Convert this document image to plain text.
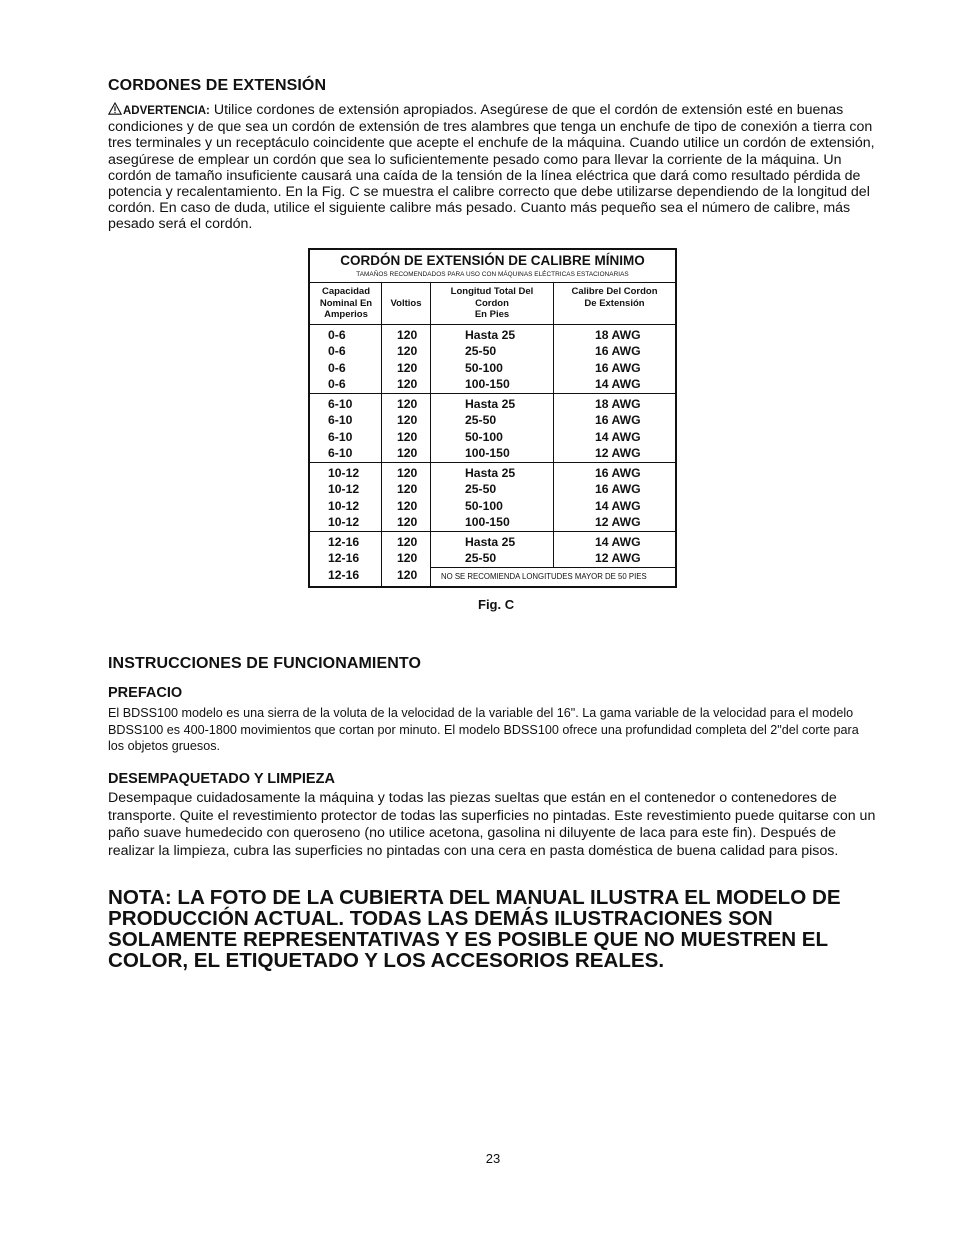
CORDONES DE EXTENSIÓN

ADVERTENCIA: Utilice cordones de extensión apropiados. Asegúrese de que el cordón de extensión esté en buenas condiciones y de que sea un cordón de extensión de tres alambres que tenga un enchufe de tipo de conexión a tierra con tres terminales y un receptáculo coincidente que acepte el enchufe de la máquina. Cuando utilice un cordón de extensión, asegúrese de emplear un cordón que sea lo suficientemente pesado como para llevar la corriente de la máquina. Un cordón de tamaño insuficiente causará una caída de la tensión de la línea eléctrica que dará como resultado pérdida de potencia y recalentamiento. En la Fig. C se muestra el calibre correcto que debe utilizarse dependiendo de la longitud del cordón. En caso de duda, utilice el siguiente calibre más pesado. Cuanto más pequeño sea el número de calibre, más pesado será el cordón.

CORDÓN DE EXTENSIÓN DE CALIBRE MÍNIMO
TAMAÑOS RECOMENDADOS PARA USO CON MÁQUINAS ELÉCTRICAS ESTACIONARIAS
Capacidad
Nominal En
Amperios
Voltios
Longitud Total Del
Cordon
En Pies
Calibre Del Cordon
De Extensión
0-6
0-6
0-6
0-6
120
120
120
120
Hasta 25
25-50
50-100
100-150
18 AWG
16 AWG
16 AWG
14 AWG
6-10
6-10
6-10
6-10
120
120
120
120
Hasta 25
25-50
50-100
100-150
18 AWG
16 AWG
14 AWG
12 AWG
10-12
10-12
10-12
10-12
120
120
120
120
Hasta 25
25-50
50-100
100-150
16 AWG
16 AWG
14 AWG
12 AWG
12-16
12-16
12-16
120
120
120
Hasta 25
25-50
14 AWG
12 AWG
NO SE RECOMIENDA LONGITUDES MAYOR DE 50 PIES

Fig. C

INSTRUCCIONES DE FUNCIONAMIENTO
PREFACIO

El BDSS100 modelo es una sierra de la voluta de la velocidad de la variable del 16". La gama variable de la velocidad para el modelo BDSS100 es 400-1800 movimientos que cortan por minuto. El modelo BDSS100 ofrece una profundidad completa del 2"del corte para los objetos gruesos.

DESEMPAQUETADO Y LIMPIEZA

Desempaque cuidadosamente la máquina y todas las piezas sueltas que están en el contenedor o contenedores de transporte. Quite el revestimiento protector de todas las superficies no pintadas. Este revestimiento puede quitarse con un paño suave humedecido con queroseno (no utilice acetona, gasolina ni diluyente de laca para este fin). Después de realizar la limpieza, cubra las superficies no pintadas con una cera en pasta doméstica de buena calidad para pisos.

NOTA: LA FOTO DE LA CUBIERTA DEL MANUAL ILUSTRA EL MODELO DE PRODUCCIÓN ACTUAL. TODAS LAS DEMÁS ILUSTRACIONES SON SOLAMENTE REPRESENTATIVAS Y ES POSIBLE QUE NO MUESTREN EL COLOR, EL ETIQUETADO Y LOS ACCESORIOS REALES.

23
